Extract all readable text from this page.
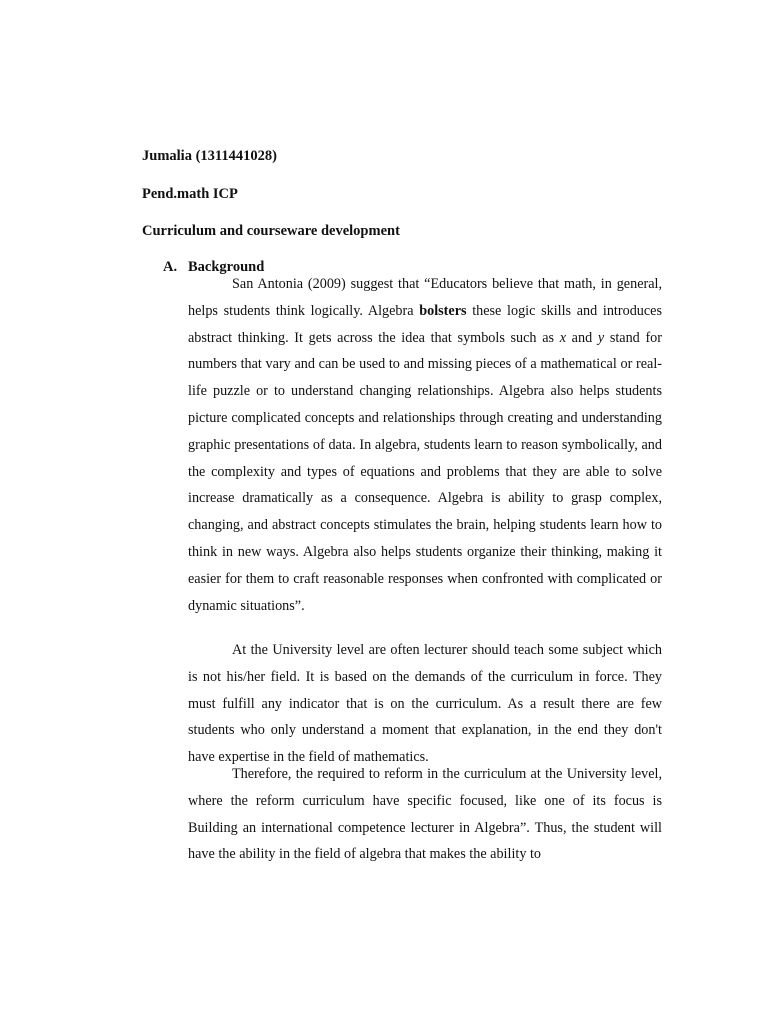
Jumalia (1311441028)
Pend.math ICP
Curriculum and courseware development
A. Background

San Antonia (2009) suggest that “Educators believe that math, in general, helps students think logically. Algebra bolsters these logic skills and introduces abstract thinking. It gets across the idea that symbols such as x and y stand for numbers that vary and can be used to and missing pieces of a mathematical or real-life puzzle or to understand changing relationships. Algebra also helps students picture complicated concepts and relationships through creating and understanding graphic presentations of data. In algebra, students learn to reason symbolically, and the complexity and types of equations and problems that they are able to solve increase dramatically as a consequence. Algebra is ability to grasp complex, changing, and abstract concepts stimulates the brain, helping students learn how to think in new ways. Algebra also helps students organize their thinking, making it easier for them to craft reasonable responses when confronted with complicated or dynamic situations”.

At the University level are often lecturer should teach some subject which is not his/her field. It is based on the demands of the curriculum in force. They must fulfill any indicator that is on the curriculum. As a result there are few students who only understand a moment that explanation, in the end they don't have expertise in the field of mathematics.

Therefore, the required to reform in the curriculum at the University level, where the reform curriculum have specific focused, like one of its focus is Building an international competence lecturer in Algebra”. Thus, the student will have the ability in the field of algebra that makes the ability to
